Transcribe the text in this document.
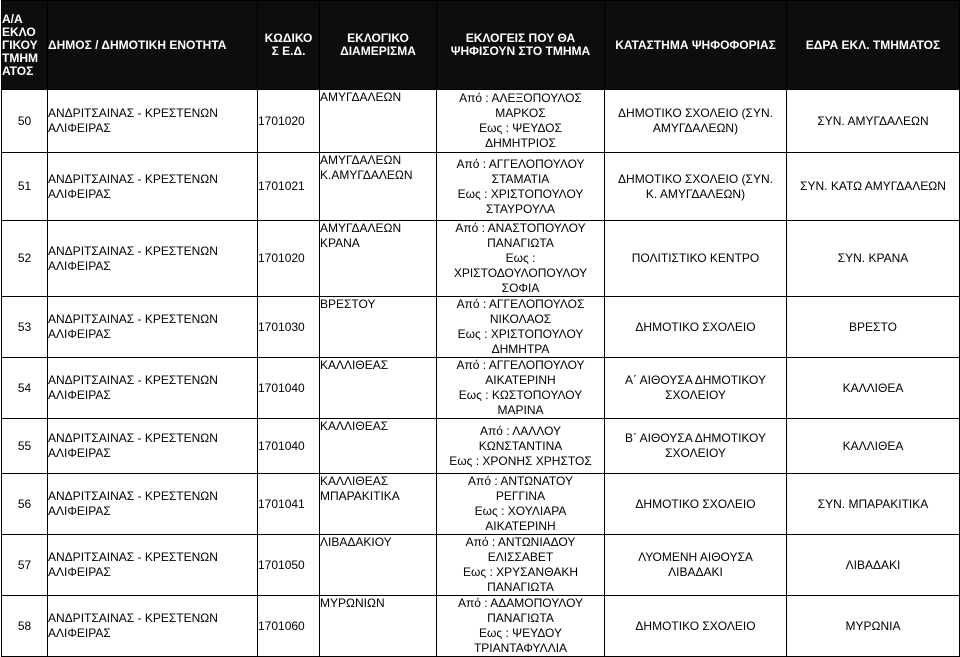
Α/Α
ΕΚΛΟ
ΓΙΚΟΥ
ΤΜΗΜ
ΑΤΟΣ	ΔΗΜΟΣ / ΔΗΜΟΤΙΚΗ ΕΝΟΤΗΤΑ	ΚΩΔΙΚΟ
Σ Ε.Δ.	ΕΚΛΟΓΙΚΟ
ΔΙΑΜΕΡΙΣΜΑ	ΕΚΛΟΓΕΙΣ ΠΟΥ ΘΑ
ΨΗΦΙΣΟΥΝ ΣΤΟ ΤΜΗΜΑ	ΚΑΤΑΣΤΗΜΑ ΨΗΦΟΦΟΡΙΑΣ	ΕΔΡΑ ΕΚΛ. ΤΜΗΜΑΤΟΣ

50	ΑΝΔΡΙΤΣΑΙΝΑΣ - ΚΡΕΣΤΕΝΩΝ
ΑΛΙΦΕΙΡΑΣ	1701020	ΑΜΥΓΔΑΛΕΩΝ	Από : ΑΛΕΞΟΠΟΥΛΟΣ
ΜΑΡΚΟΣ
Εως : ΨΕΥΔΟΣ
ΔΗΜΗΤΡΙΟΣ	ΔΗΜΟΤΙΚΟ ΣΧΟΛΕΙΟ (ΣΥΝ.
ΑΜΥΓΔΑΛΕΩΝ)	ΣΥΝ. ΑΜΥΓΔΑΛΕΩΝ

51	ΑΝΔΡΙΤΣΑΙΝΑΣ - ΚΡΕΣΤΕΝΩΝ
ΑΛΙΦΕΙΡΑΣ	1701021	ΑΜΥΓΔΑΛΕΩΝ
Κ.ΑΜΥΓΔΑΛΕΩΝ	Από : ΑΓΓΕΛΟΠΟΥΛΟΥ
ΣΤΑΜΑΤΙΑ
Εως : ΧΡΙΣΤΟΠΟΥΛΟΥ
ΣΤΑΥΡΟΥΛΑ	ΔΗΜΟΤΙΚΟ ΣΧΟΛΕΙΟ (ΣΥΝ.
Κ. ΑΜΥΓΔΑΛΕΩΝ)	ΣΥΝ. ΚΑΤΩ ΑΜΥΓΔΑΛΕΩΝ

52	ΑΝΔΡΙΤΣΑΙΝΑΣ - ΚΡΕΣΤΕΝΩΝ
ΑΛΙΦΕΙΡΑΣ	1701020	ΑΜΥΓΔΑΛΕΩΝ
ΚΡΑΝΑ	Από : ΑΝΑΣΤΟΠΟΥΛΟΥ
ΠΑΝΑΓΙΩΤΑ
Εως :
ΧΡΙΣΤΟΔΟΥΛΟΠΟΥΛΟΥ
ΣΟΦΙΑ	ΠΟΛΙΤΙΣΤΙΚΟ ΚΕΝΤΡΟ	ΣΥΝ. ΚΡΑΝΑ

53	ΑΝΔΡΙΤΣΑΙΝΑΣ - ΚΡΕΣΤΕΝΩΝ
ΑΛΙΦΕΙΡΑΣ	1701030	ΒΡΕΣΤΟΥ	Από : ΑΓΓΕΛΟΠΟΥΛΟΣ
ΝΙΚΟΛΑΟΣ
Εως : ΧΡΙΣΤΟΠΟΥΛΟΥ
ΔΗΜΗΤΡΑ	ΔΗΜΟΤΙΚΟ ΣΧΟΛΕΙΟ	ΒΡΕΣΤΟ

54	ΑΝΔΡΙΤΣΑΙΝΑΣ - ΚΡΕΣΤΕΝΩΝ
ΑΛΙΦΕΙΡΑΣ	1701040	ΚΑΛΛΙΘΕΑΣ	Από : ΑΓΓΕΛΟΠΟΥΛΟΥ
ΑΙΚΑΤΕΡΙΝΗ
Εως : ΚΩΣΤΟΠΟΥΛΟΥ
ΜΑΡΙΝΑ	Α΄ ΑΙΘΟΥΣΑ ΔΗΜΟΤΙΚΟΥ
ΣΧΟΛΕΙΟΥ	ΚΑΛΛΙΘΕΑ

55	ΑΝΔΡΙΤΣΑΙΝΑΣ - ΚΡΕΣΤΕΝΩΝ
ΑΛΙΦΕΙΡΑΣ	1701040	ΚΑΛΛΙΘΕΑΣ	Από : ΛΑΛΛΟΥ
ΚΩΝΣΤΑΝΤΙΝΑ
Εως : ΧΡΟΝΗΣ ΧΡΗΣΤΟΣ	Β΄ ΑΙΘΟΥΣΑ ΔΗΜΟΤΙΚΟΥ
ΣΧΟΛΕΙΟΥ	ΚΑΛΛΙΘΕΑ

56	ΑΝΔΡΙΤΣΑΙΝΑΣ - ΚΡΕΣΤΕΝΩΝ
ΑΛΙΦΕΙΡΑΣ	1701041	ΚΑΛΛΙΘΕΑΣ
ΜΠΑΡΑΚΙΤΙΚΑ	Από : ΑΝΤΩΝΑΤΟΥ
ΡΕΓΓΙΝΑ
Εως : ΧΟΥΛΙΑΡΑ
ΑΙΚΑΤΕΡΙΝΗ	ΔΗΜΟΤΙΚΟ ΣΧΟΛΕΙΟ	ΣΥΝ. ΜΠΑΡΑΚΙΤΙΚΑ

57	ΑΝΔΡΙΤΣΑΙΝΑΣ - ΚΡΕΣΤΕΝΩΝ
ΑΛΙΦΕΙΡΑΣ	1701050	ΛΙΒΑΔΑΚΙΟΥ	Από : ΑΝΤΩΝΙΑΔΟΥ
ΕΛΙΣΣΑΒΕΤ
Εως : ΧΡΥΣΑΝΘΑΚΗ
ΠΑΝΑΓΙΩΤΑ	ΛΥΟΜΕΝΗ ΑΙΘΟΥΣΑ
ΛΙΒΑΔΑΚΙ	ΛΙΒΑΔΑΚΙ

58	ΑΝΔΡΙΤΣΑΙΝΑΣ - ΚΡΕΣΤΕΝΩΝ
ΑΛΙΦΕΙΡΑΣ	1701060	ΜΥΡΩΝΙΩΝ	Από : ΑΔΑΜΟΠΟΥΛΟΥ
ΠΑΝΑΓΙΩΤΑ
Εως : ΨΕΥΔΟΥ
ΤΡΙΑΝΤΑΦΥΛΛΙΑ	ΔΗΜΟΤΙΚΟ ΣΧΟΛΕΙΟ	ΜΥΡΩΝΙΑ
